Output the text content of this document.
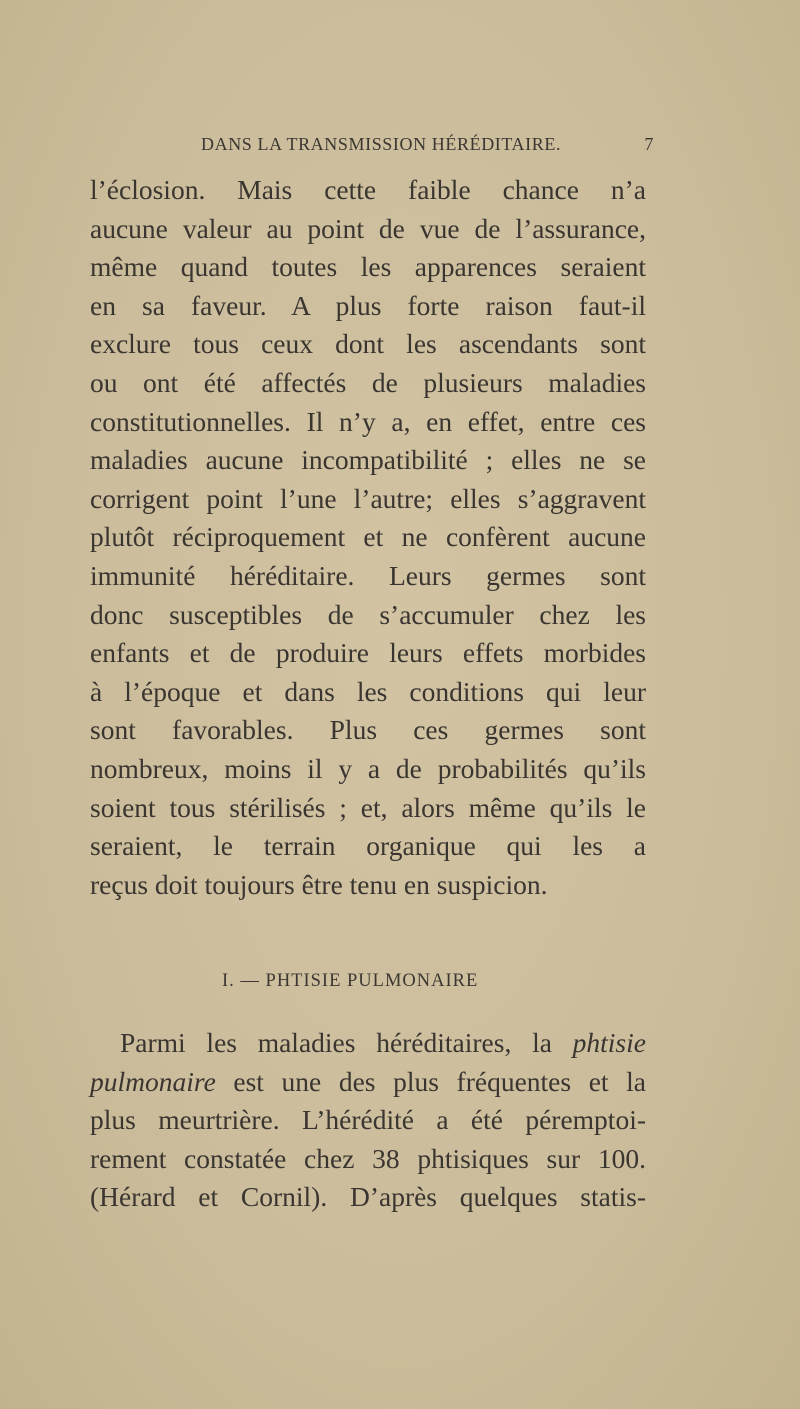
DANS LA TRANSMISSION HÉRÉDITAIRE.	7
l’éclosion. Mais cette faible chance n’a
aucune valeur au point de vue de l’assurance,
même quand toutes les apparences seraient
en sa faveur. A plus forte raison faut-il
exclure tous ceux dont les ascendants sont
ou ont été affectés de plusieurs maladies
constitutionnelles. Il n’y a, en effet, entre ces
maladies aucune incompatibilité ; elles ne se
corrigent point l’une l’autre; elles s’aggravent
plutôt réciproquement et ne confèrent aucune
immunité héréditaire. Leurs germes sont
donc susceptibles de s’accumuler chez les
enfants et de produire leurs effets morbides
à l’époque et dans les conditions qui leur
sont favorables. Plus ces germes sont
nombreux, moins il y a de probabilités qu’ils
soient tous stérilisés ; et, alors même qu’ils le
seraient, le terrain organique qui les a
reçus doit toujours être tenu en suspicion.
I. — PHTISIE PULMONAIRE
Parmi les maladies héréditaires, la phtisie
pulmonaire est une des plus fréquentes et la
plus meurtrière. L’hérédité a été péremptoi-
rement constatée chez 38 phtisiques sur 100.
(Hérard et Cornil). D’après quelques statis-
